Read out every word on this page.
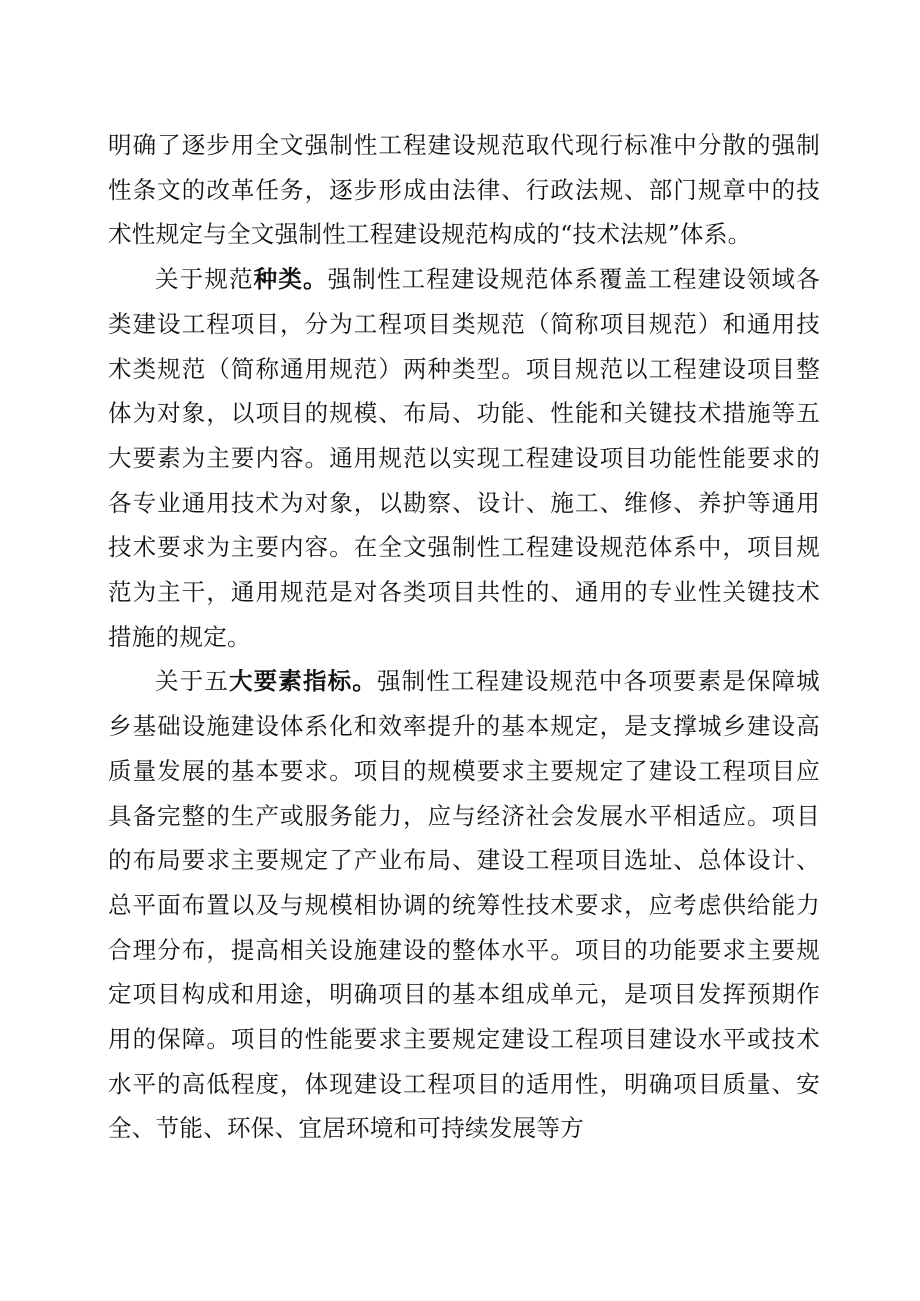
明确了逐步用全文强制性工程建设规范取代现行标准中分散的强制性条文的改革任务，逐步形成由法律、行政法规、部门规章中的技术性规定与全文强制性工程建设规范构成的“技术法规”体系。

关于规范种类。强制性工程建设规范体系覆盖工程建设领域各类建设工程项目，分为工程项目类规范（简称项目规范）和通用技术类规范（简称通用规范）两种类型。项目规范以工程建设项目整体为对象，以项目的规模、布局、功能、性能和关键技术措施等五大要素为主要内容。通用规范以实现工程建设项目功能性能要求的各专业通用技术为对象，以勘察、设计、施工、维修、养护等通用技术要求为主要内容。在全文强制性工程建设规范体系中，项目规范为主干，通用规范是对各类项目共性的、通用的专业性关键技术措施的规定。

关于五大要素指标。强制性工程建设规范中各项要素是保障城乡基础设施建设体系化和效率提升的基本规定，是支撑城乡建设高质量发展的基本要求。项目的规模要求主要规定了建设工程项目应具备完整的生产或服务能力，应与经济社会发展水平相适应。项目的布局要求主要规定了产业布局、建设工程项目选址、总体设计、总平面布置以及与规模相协调的统筹性技术要求，应考虑供给能力合理分布，提高相关设施建设的整体水平。项目的功能要求主要规定项目构成和用途，明确项目的基本组成单元，是项目发挥预期作用的保障。项目的性能要求主要规定建设工程项目建设水平或技术水平的高低程度，体现建设工程项目的适用性，明确项目质量、安全、节能、环保、宜居环境和可持续发展等方
